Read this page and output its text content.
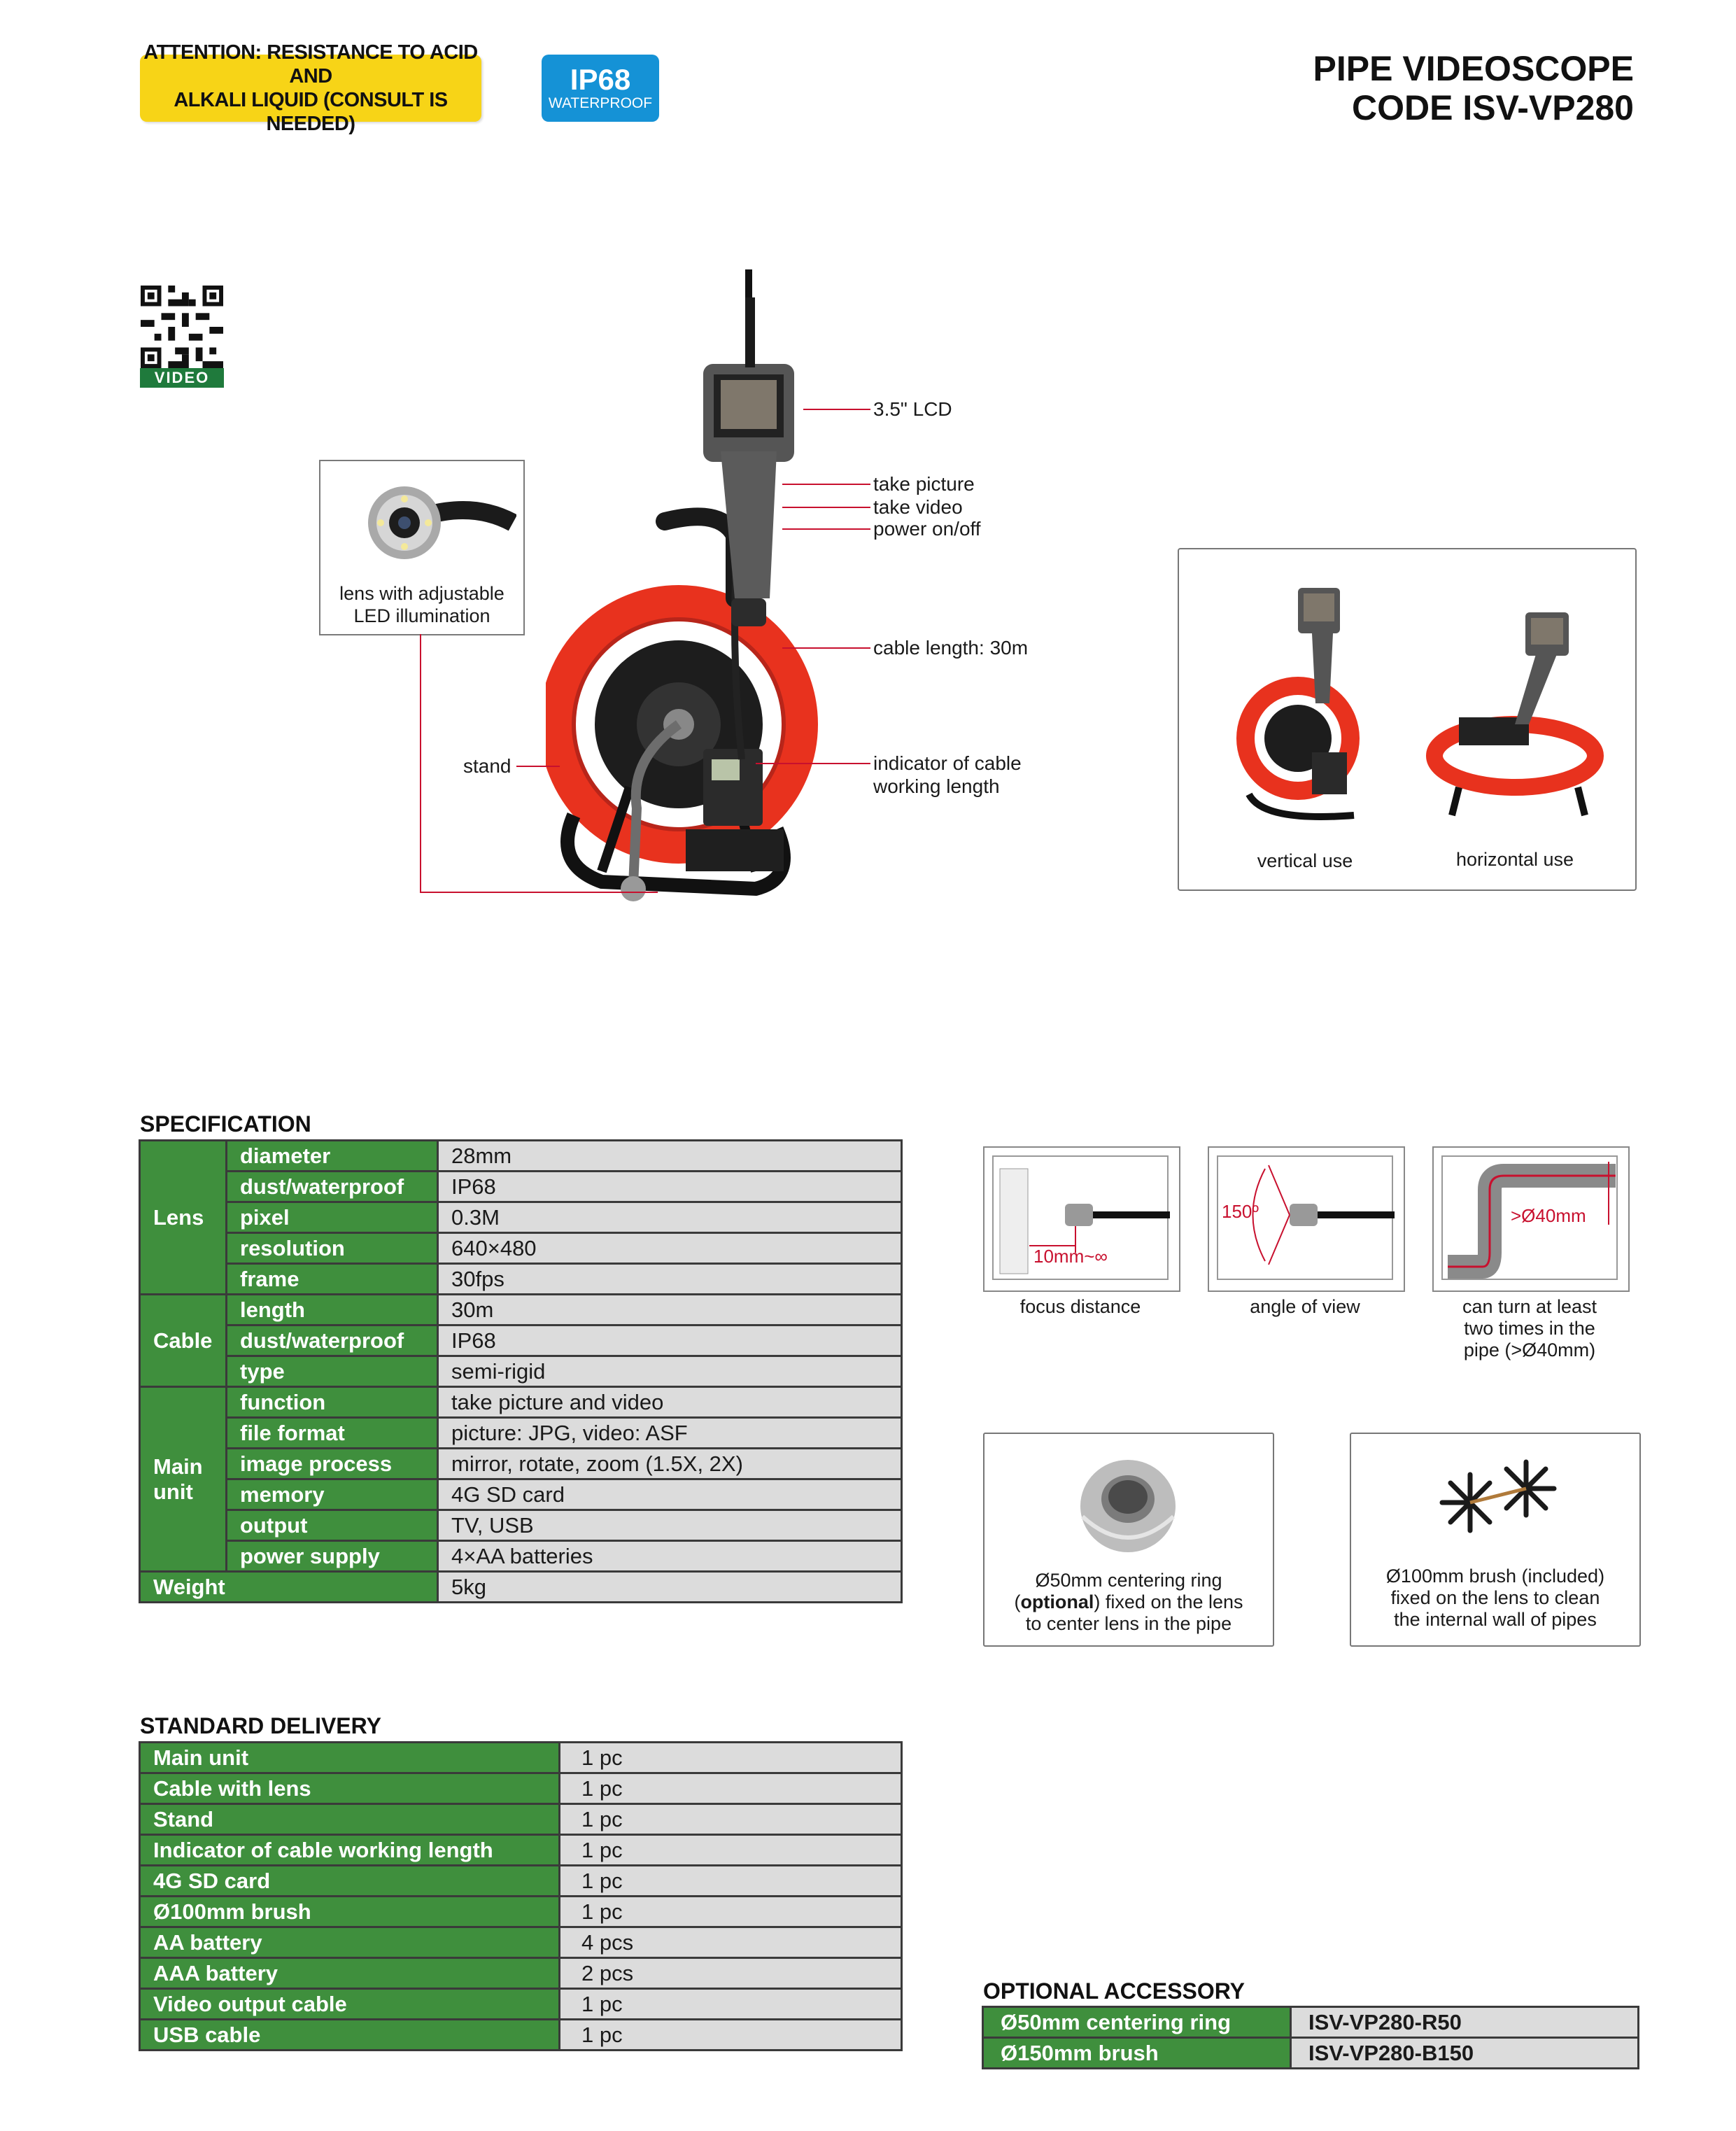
ATTENTION: RESISTANCE TO ACID AND
ALKALI LIQUID (CONSULT IS NEEDED)
IP68
WATERPROOF
PIPE VIDEOSCOPE
CODE ISV-VP280
VIDEO
3.5" LCD
take picture
take video
power on/off
cable length: 30m
indicator of cable
working length
stand
lens with adjustable
LED illumination
vertical use	horizontal use
SPECIFICATION
Lens	diameter	28mm
	dust/waterproof	IP68
	pixel	0.3M
	resolution	640×480
	frame	30fps
Cable	length	30m
	dust/waterproof	IP68
	type	semi-rigid

Main
unit	function	take picture and video
	file format	picture: JPG, video: ASF
	image process	mirror, rotate, zoom (1.5X, 2X)
	memory	4G SD card
	output	TV, USB
	power supply	4×AA batteries
Weight		5kg
10mm~∞
focus distance
150º
angle of view
>Ø40mm
can turn at least
two times in the
pipe (>Ø40mm)
Ø50mm centering ring
(optional) fixed on the lens
to center lens in the pipe
Ø100mm brush (included)
fixed on the lens to clean
the internal wall of pipes
STANDARD DELIVERY
Main unit	1 pc
Cable with lens	1 pc
Stand	1 pc
Indicator of cable working length	1 pc
4G SD card	1 pc
Ø100mm brush	1 pc
AA battery	4 pcs
AAA battery	2 pcs
Video output cable	1 pc
USB cable	1 pc
OPTIONAL ACCESSORY
Ø50mm centering ring	ISV-VP280-R50
Ø150mm brush	ISV-VP280-B150
